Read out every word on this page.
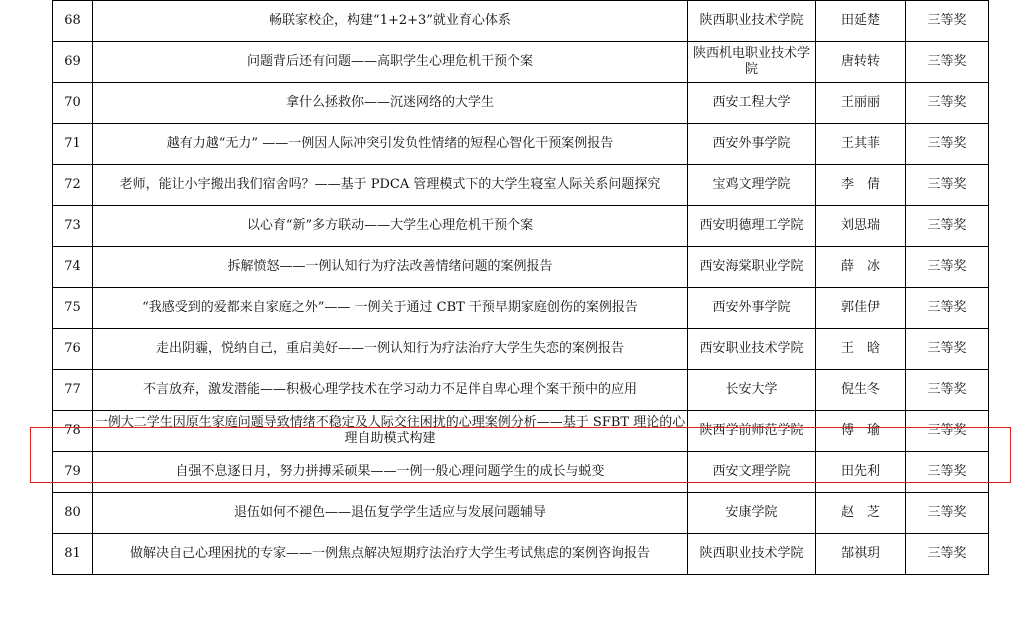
68	畅联家校企，构建“1+2+3”就业育心体系	陕西职业技术学院	田延楚	三等奖
69	问题背后还有问题——高职学生心理危机干预个案	陕西机电职业技术学院	唐转转	三等奖
70	拿什么拯救你——沉迷网络的大学生	西安工程大学	王丽丽	三等奖
71	越有力越“无力” ——一例因人际冲突引发负性情绪的短程心智化干预案例报告	西安外事学院	王其菲	三等奖
72	老师，能让小宇搬出我们宿舍吗？——基于 PDCA 管理模式下的大学生寝室人际关系问题探究	宝鸡文理学院	李　倩	三等奖
73	以心育“新”多方联动——大学生心理危机干预个案	西安明德理工学院	刘思瑞	三等奖
74	拆解愤怒——一例认知行为疗法改善情绪问题的案例报告	西安海棠职业学院	薛　冰	三等奖
75	“我感受到的爱都来自家庭之外”—— 一例关于通过 CBT 干预早期家庭创伤的案例报告	西安外事学院	郭佳伊	三等奖
76	走出阴霾，悦纳自己，重启美好——一例认知行为疗法治疗大学生失恋的案例报告	西安职业技术学院	王　晗	三等奖
77	不言放弃，激发潜能——积极心理学技术在学习动力不足伴自卑心理个案干预中的应用	长安大学	倪生冬	三等奖
78	一例大二学生因原生家庭问题导致情绪不稳定及人际交往困扰的心理案例分析——基于 SFBT 理论的心理自助模式构建	陕西学前师范学院	傅　瑜	三等奖
79	自强不息逐日月，努力拼搏采硕果——一例一般心理问题学生的成长与蜕变	西安文理学院	田先利	三等奖
80	退伍如何不褪色——退伍复学学生适应与发展问题辅导	安康学院	赵　芝	三等奖
81	做解决自己心理困扰的专家——一例焦点解决短期疗法治疗大学生考试焦虑的案例咨询报告	陕西职业技术学院	郜祺玥	三等奖
